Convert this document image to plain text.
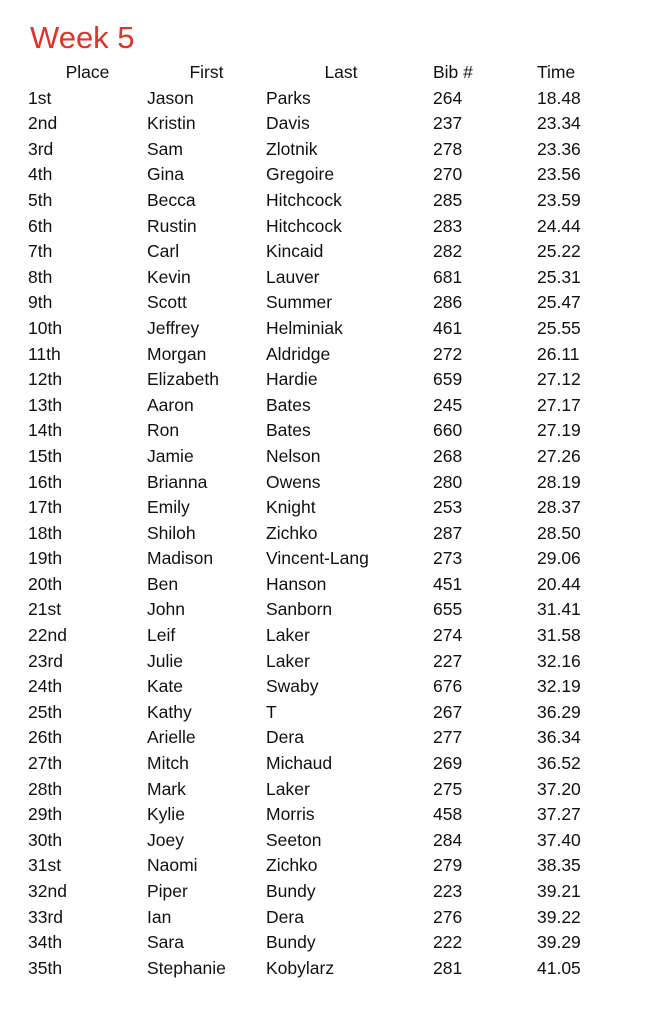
Week 5
Place	First	Last	Bib #	Time
1st	Jason	Parks	264	18.48
2nd	Kristin	Davis	237	23.34
3rd	Sam	Zlotnik	278	23.36
4th	Gina	Gregoire	270	23.56
5th	Becca	Hitchcock	285	23.59
6th	Rustin	Hitchcock	283	24.44
7th	Carl	Kincaid	282	25.22
8th	Kevin	Lauver	681	25.31
9th	Scott	Summer	286	25.47
10th	Jeffrey	Helminiak	461	25.55
11th	Morgan	Aldridge	272	26.11
12th	Elizabeth	Hardie	659	27.12
13th	Aaron	Bates	245	27.17
14th	Ron	Bates	660	27.19
15th	Jamie	Nelson	268	27.26
16th	Brianna	Owens	280	28.19
17th	Emily	Knight	253	28.37
18th	Shiloh	Zichko	287	28.50
19th	Madison	Vincent-Lang	273	29.06
20th	Ben	Hanson	451	20.44
21st	John	Sanborn	655	31.41
22nd	Leif	Laker	274	31.58
23rd	Julie	Laker	227	32.16
24th	Kate	Swaby	676	32.19
25th	Kathy	T	267	36.29
26th	Arielle	Dera	277	36.34
27th	Mitch	Michaud	269	36.52
28th	Mark	Laker	275	37.20
29th	Kylie	Morris	458	37.27
30th	Joey	Seeton	284	37.40
31st	Naomi	Zichko	279	38.35
32nd	Piper	Bundy	223	39.21
33rd	Ian	Dera	276	39.22
34th	Sara	Bundy	222	39.29
35th	Stephanie	Kobylarz	281	41.05
